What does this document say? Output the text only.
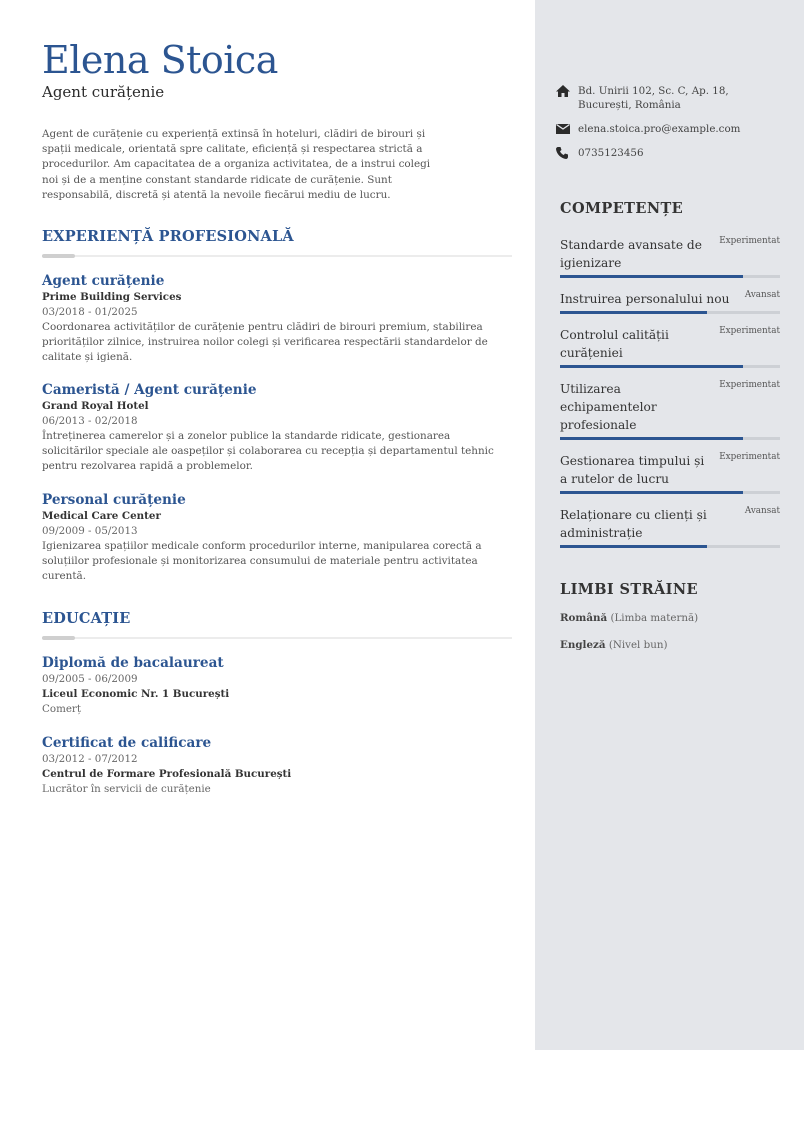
Elena Stoica
Agent curățenie
Agent de curățenie cu experiență extinsă în hoteluri, clădiri de birouri și spații medicale, orientată spre calitate, eficiență și respectarea strictă a procedurilor. Am capacitatea de a organiza activitatea, de a instrui colegi noi și de a menține constant standarde ridicate de curățenie. Sunt responsabilă, discretă și atentă la nevoile fiecărui mediu de lucru.
EXPERIENȚĂ PROFESIONALĂ
Agent curățenie
Prime Building Services
03/2018 - 01/2025
Coordonarea activităților de curățenie pentru clădiri de birouri premium, stabilirea priorităților zilnice, instruirea noilor colegi și verificarea respectării standardelor de calitate și igienă.
Cameristă / Agent curățenie
Grand Royal Hotel
06/2013 - 02/2018
Întreținerea camerelor și a zonelor publice la standarde ridicate, gestionarea solicitărilor speciale ale oaspeților și colaborarea cu recepția și departamentul tehnic pentru rezolvarea rapidă a problemelor.
Personal curățenie
Medical Care Center
09/2009 - 05/2013
Igienizarea spațiilor medicale conform procedurilor interne, manipularea corectă a soluțiilor profesionale și monitorizarea consumului de materiale pentru activitatea curentă.
EDUCAȚIE
Diplomă de bacalaureat
09/2005 - 06/2009
Liceul Economic Nr. 1 București
Comerț
Certificat de calificare
03/2012 - 07/2012
Centrul de Formare Profesională București
Lucrător în servicii de curățenie
Bd. Unirii 102, Sc. C, Ap. 18, București, România
elena.stoica.pro@example.com
0735123456
COMPETENȚE
Standarde avansate de igienizare
Experimentat
Instruirea personalului nou Avansat
Controlul calității curățeniei
Experimentat
Utilizarea echipamentelor profesionale
Experimentat
Gestionarea timpului și a rutelor de lucru
Experimentat
Relaționare cu clienți și administrație
Avansat
LIMBI STRĂINE
Română (Limba maternă)
Engleză (Nivel bun)
